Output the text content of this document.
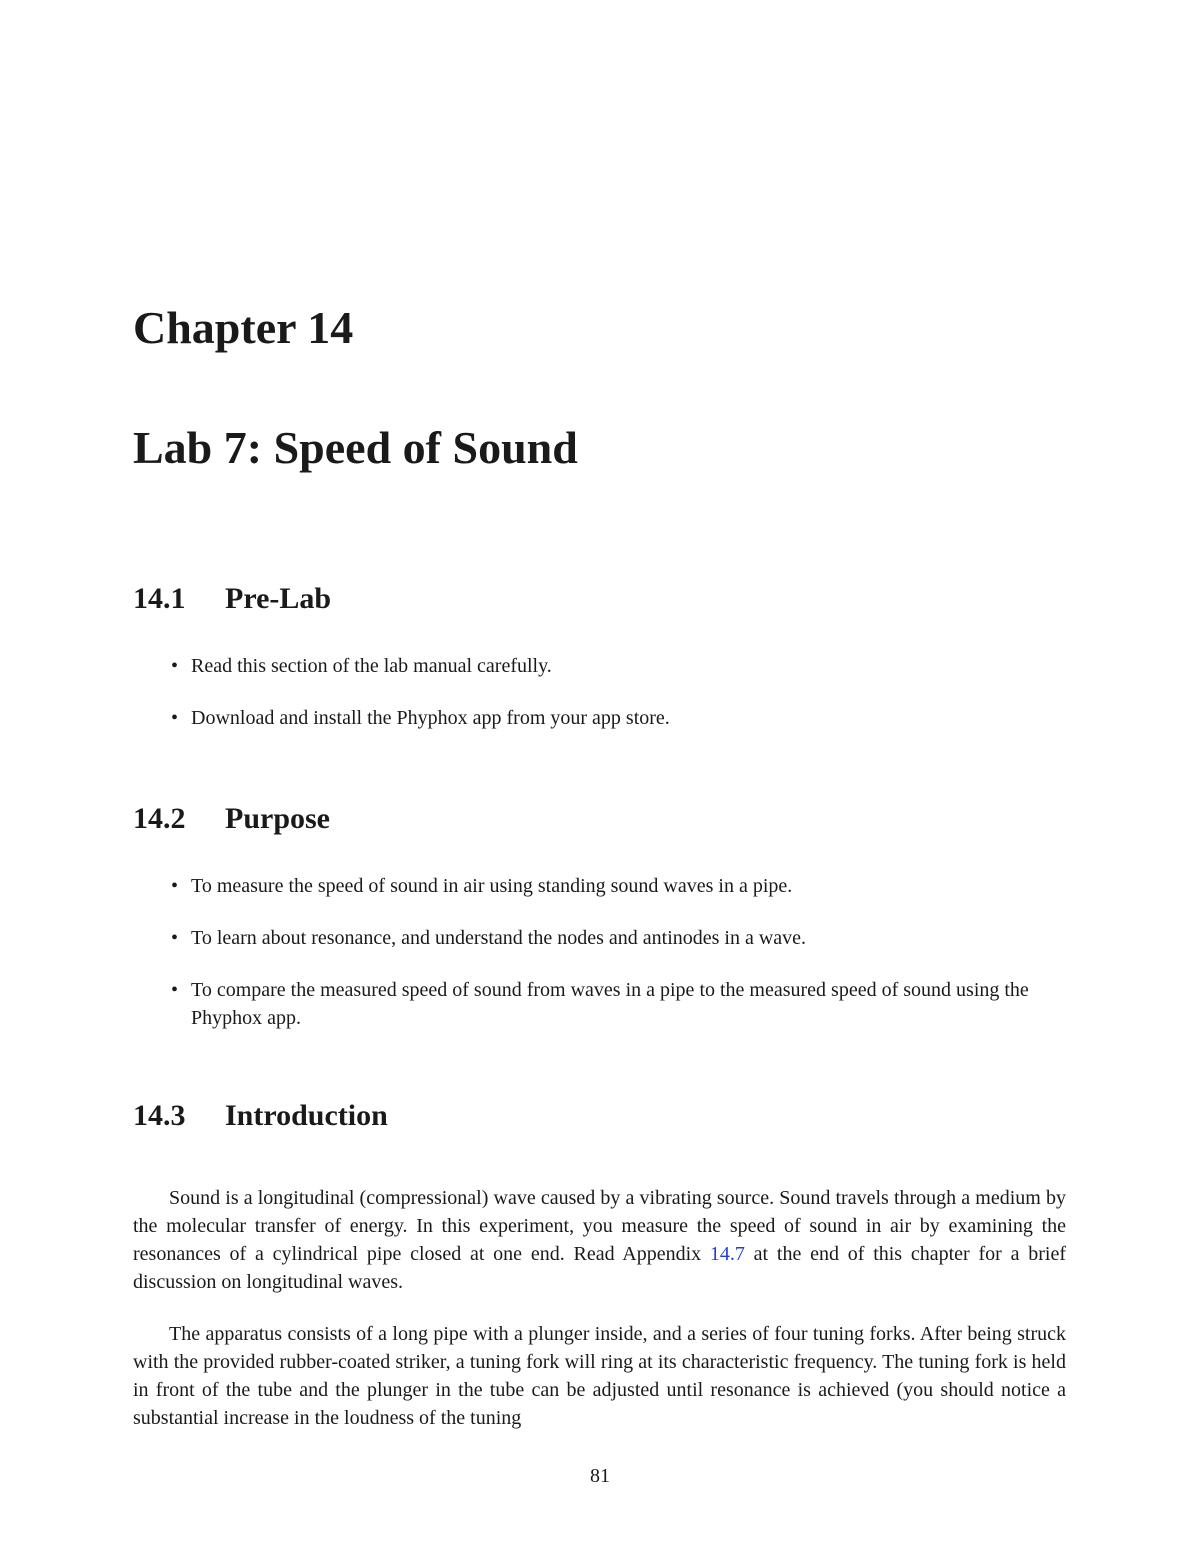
Chapter 14
Lab 7: Speed of Sound
14.1 Pre-Lab
• Read this section of the lab manual carefully.
• Download and install the Phyphox app from your app store.
14.2 Purpose
• To measure the speed of sound in air using standing sound waves in a pipe.
• To learn about resonance, and understand the nodes and antinodes in a wave.
• To compare the measured speed of sound from waves in a pipe to the measured speed of sound using the Phyphox app.
14.3 Introduction

Sound is a longitudinal (compressional) wave caused by a vibrating source. Sound travels through a medium by the molecular transfer of energy. In this experiment, you measure the speed of sound in air by examining the resonances of a cylindrical pipe closed at one end. Read Appendix 14.7 at the end of this chapter for a brief discussion on longitudinal waves.

The apparatus consists of a long pipe with a plunger inside, and a series of four tuning forks. After being struck with the provided rubber-coated striker, a tuning fork will ring at its characteristic frequency. The tuning fork is held in front of the tube and the plunger in the tube can be adjusted until resonance is achieved (you should notice a substantial increase in the loudness of the tuning

81
